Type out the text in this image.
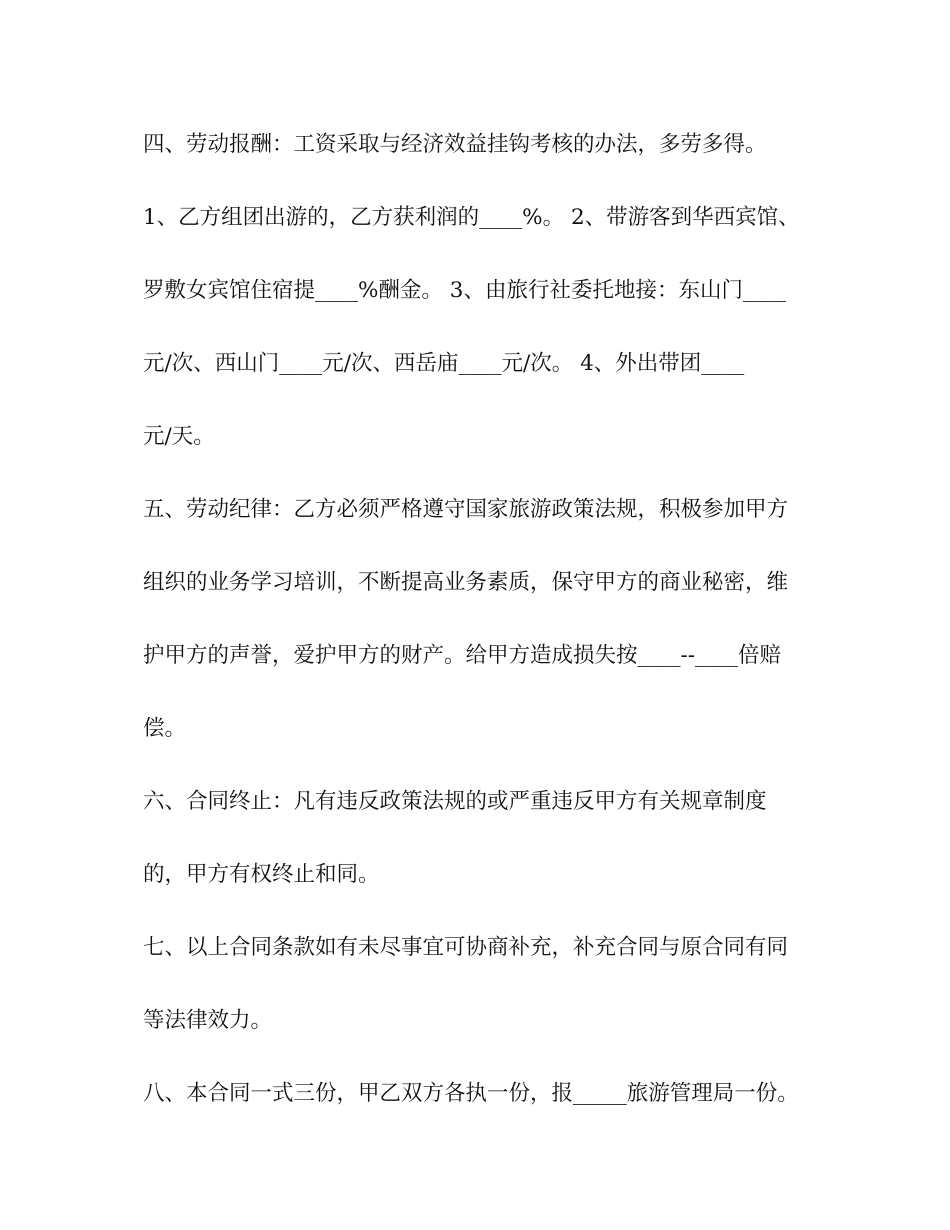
四、劳动报酬：工资采取与经济效益挂钩考核的办法，多劳多得。
1、乙方组团出游的，乙方获利润的____%。 2、带游客到华西宾馆、
罗敷女宾馆住宿提____%酬金。 3、由旅行社委托地接：东山门____
元/次、西山门____元/次、西岳庙____元/次。 4、外出带团____
元/天。
五、劳动纪律：乙方必须严格遵守国家旅游政策法规，积极参加甲方
组织的业务学习培训，不断提高业务素质，保守甲方的商业秘密，维
护甲方的声誉，爱护甲方的财产。给甲方造成损失按____--____倍赔
偿。
六、合同终止：凡有违反政策法规的或严重违反甲方有关规章制度
的，甲方有权终止和同。
七、以上合同条款如有未尽事宜可协商补充，补充合同与原合同有同
等法律效力。
八、本合同一式三份，甲乙双方各执一份，报_____旅游管理局一份。
